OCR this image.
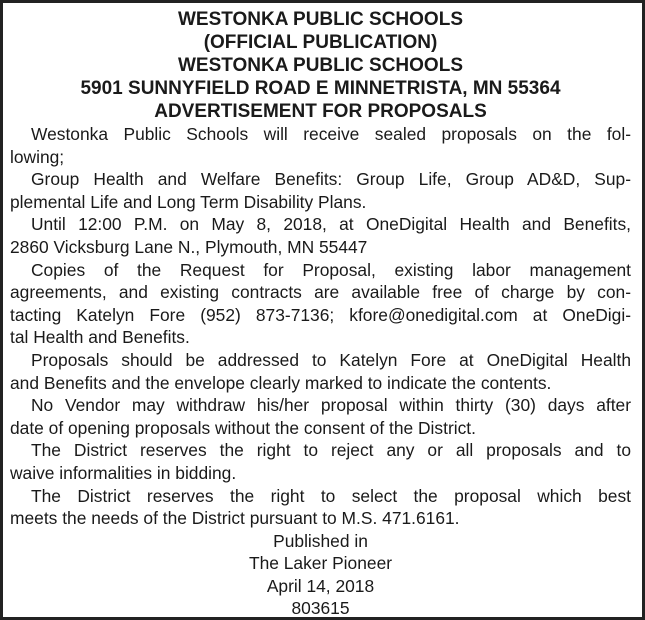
WESTONKA PUBLIC SCHOOLS
(OFFICIAL PUBLICATION)
WESTONKA PUBLIC SCHOOLS
5901 SUNNYFIELD ROAD E MINNETRISTA, MN 55364
ADVERTISEMENT FOR PROPOSALS
Westonka Public Schools will receive sealed proposals on the fol-
lowing;
Group Health and Welfare Benefits: Group Life, Group AD&D, Sup-
plemental Life and Long Term Disability Plans.
Until 12:00 P.M. on May 8, 2018, at OneDigital Health and Benefits,
2860 Vicksburg Lane N., Plymouth, MN 55447
Copies of the Request for Proposal, existing labor management
agreements, and existing contracts are available free of charge by con-
tacting Katelyn Fore (952) 873-7136; kfore@onedigital.com at OneDigi-
tal Health and Benefits.
Proposals should be addressed to Katelyn Fore at OneDigital Health
and Benefits and the envelope clearly marked to indicate the contents.
No Vendor may withdraw his/her proposal within thirty (30) days after
date of opening proposals without the consent of the District.
The District reserves the right to reject any or all proposals and to
waive informalities in bidding.
The District reserves the right to select the proposal which best
meets the needs of the District pursuant to M.S. 471.6161.
Published in
The Laker Pioneer
April 14, 2018
803615
